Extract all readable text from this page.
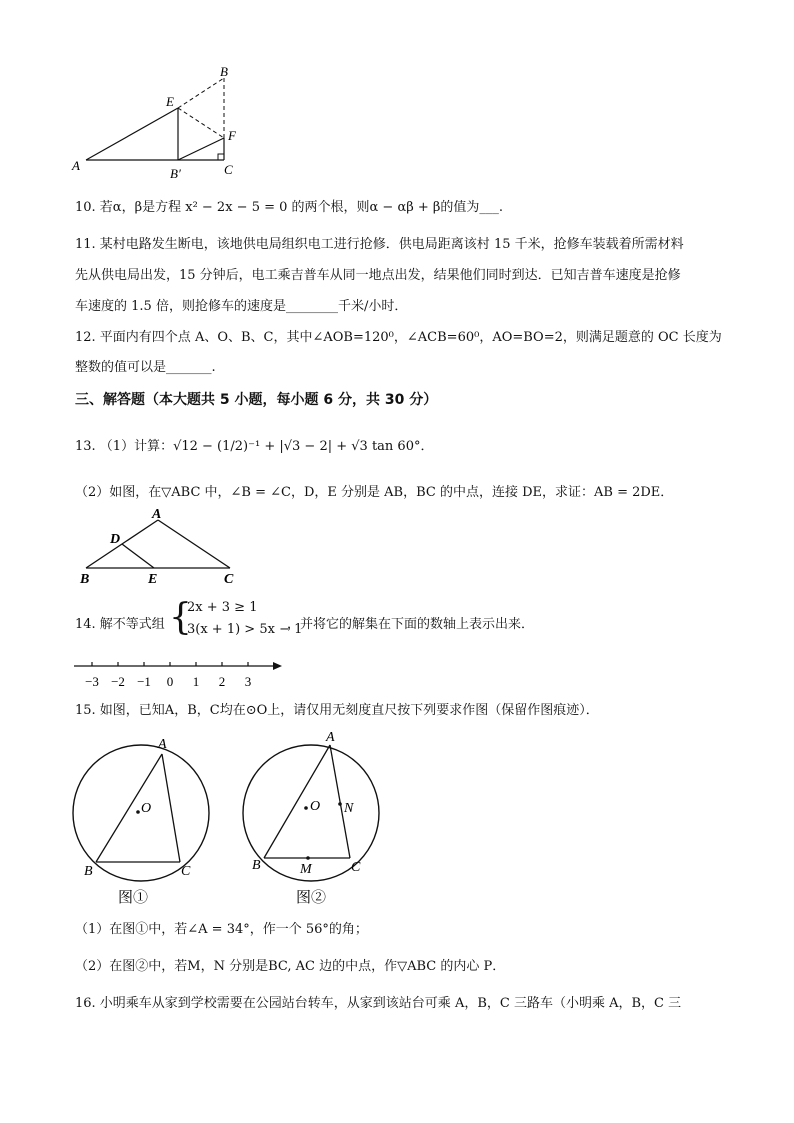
A
B
E
F
C
B′
10. 若α，β是方程 x² − 2x − 5 = 0 的两个根，则α − αβ + β的值为___.
11. 某村电路发生断电，该地供电局组织电工进行抢修．供电局距离该村 15 千米，抢修车装载着所需材料
先从供电局出发，15 分钟后，电工乘吉普车从同一地点出发，结果他们同时到达．已知吉普车速度是抢修
车速度的 1.5 倍，则抢修车的速度是________千米/小时．
12. 平面内有四个点 A、O、B、C，其中∠AOB=120⁰，∠ACB=60⁰，AO=BO=2，则满足题意的 OC 长度为
整数的值可以是_______.
三、解答题（本大题共 5 小题，每小题 6 分，共 30 分）
13. （1）计算：√12 − (1/2)⁻¹ + |√3 − 2| + √3 tan 60°．
（2）如图，在▽ABC 中，∠B = ∠C，D，E 分别是 AB，BC 的中点，连接 DE，求证：AB = 2DE．
A
B	C
D
E
14. 解不等式组 {
2x + 3 ≥ 1
3(x + 1) > 5x − 1
，并将它的解集在下面的数轴上表示出来．
−3 −2 −1 0 1 2 3
15. 如图，已知A，B，C均在⊙O上，请仅用无刻度直尺按下列要求作图（保留作图痕迹）．
A
B	C
O
图①
A
B	C
O
M
N
图②
（1）在图①中，若∠A = 34°，作一个 56°的角；
（2）在图②中，若M，N 分别是BC, AC 边的中点，作▽ABC 的内心 P．
16. 小明乘车从家到学校需要在公园站台转车，从家到该站台可乘 A，B，C 三路车（小明乘 A，B，C 三
